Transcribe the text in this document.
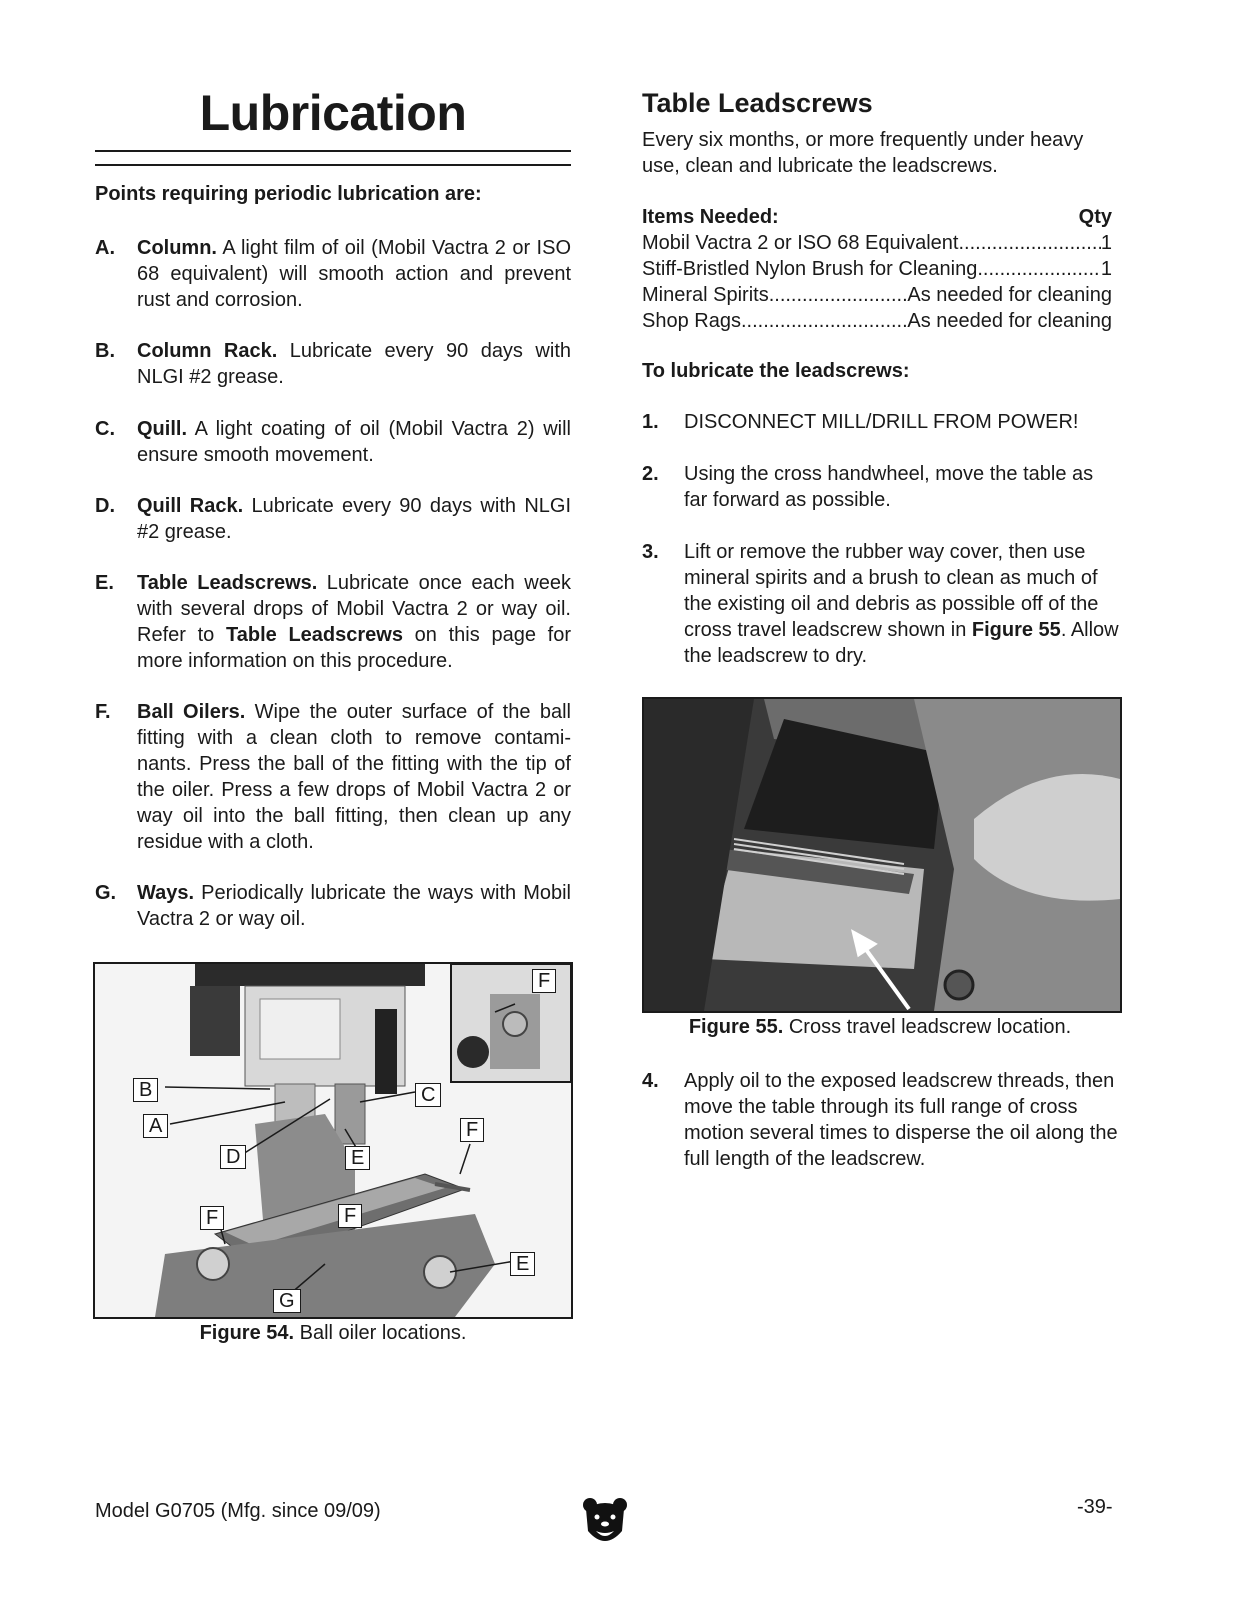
Lubrication
Points requiring periodic lubrication are:
A. Column. A light film of oil (Mobil Vactra 2 or ISO 68 equivalent) will smooth action and prevent rust and corrosion.
B. Column Rack. Lubricate every 90 days with NLGI #2 grease.
C. Quill. A light coating of oil (Mobil Vactra 2) will ensure smooth movement.
D. Quill Rack. Lubricate every 90 days with NLGI #2 grease.
E. Table Leadscrews. Lubricate once each week with several drops of Mobil Vactra 2 or way oil. Refer to Table Leadscrews on this page for more information on this procedure.
F. Ball Oilers. Wipe the outer surface of the ball fitting with a clean cloth to remove contami-nants. Press the ball of the fitting with the tip of the oiler. Press a few drops of Mobil Vactra 2 or way oil into the ball fitting, then clean up any residue with a cloth.
G. Ways. Periodically lubricate the ways with Mobil Vactra 2 or way oil.
F
B	C
A	F
D	E
F	F
E
G
Figure 54. Ball oiler locations.
Table Leadscrews
Every six months, or more frequently under heavy use, clean and lubricate the leadscrews.
Items Needed:	Qty
Mobil Vactra 2 or ISO 68 Equivalent .....	1
Stiff-Bristled Nylon Brush for Cleaning .....	1
Mineral Spirits .....	As needed for cleaning
Shop Rags .....	As needed for cleaning
To lubricate the leadscrews:
1. DISCONNECT MILL/DRILL FROM POWER!
2. Using the cross handwheel, move the table as far forward as possible.
3. Lift or remove the rubber way cover, then use mineral spirits and a brush to clean as much of the existing oil and debris as possible off of the cross travel leadscrew shown in Figure 55. Allow the leadscrew to dry.
Figure 55. Cross travel leadscrew location.
4. Apply oil to the exposed leadscrew threads, then move the table through its full range of cross motion several times to disperse the oil along the full length of the leadscrew.
Model G0705 (Mfg. since 09/09)	-39-
